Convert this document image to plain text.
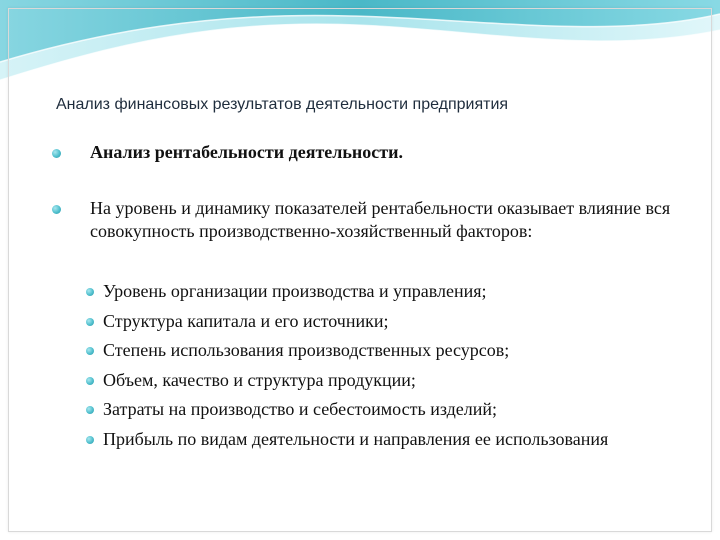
Анализ финансовых результатов деятельности предприятия
Анализ рентабельности деятельности.
На уровень и динамику показателей рентабельности оказывает влияние вся совокупность производственно-хозяйственный факторов:
Уровень организации производства и управления;
Структура капитала и его источники;
Степень использования производственных ресурсов;
Объем, качество и структура продукции;
Затраты на производство и себестоимость изделий;
Прибыль по видам деятельности и направления ее использования
